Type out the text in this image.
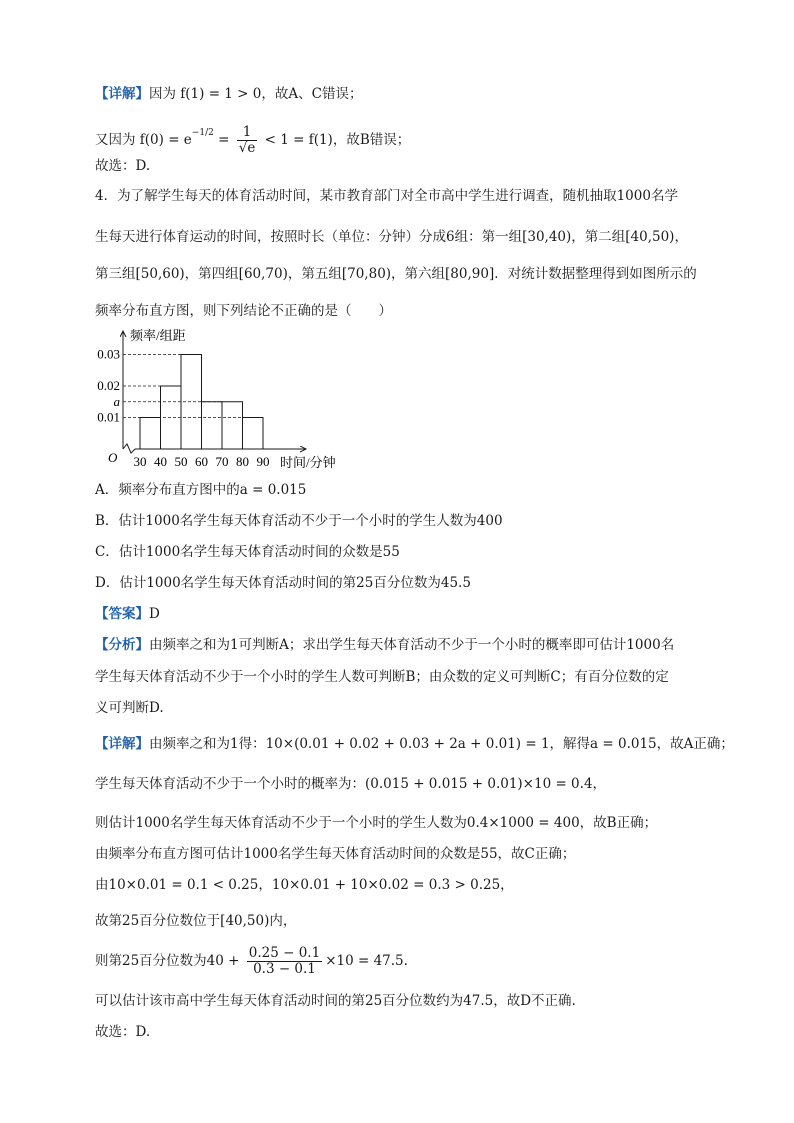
【详解】因为 f(1) = 1 > 0，故A、C错误；
又因为 $f(0) = e^{-1/2} = \frac{1}{√e} < 1 = f(1)$，故B错误；
故选：D.
4．为了解学生每天的体育活动时间，某市教育部门对全市高中学生进行调查，随机抽取1000名学
生每天进行体育运动的时间，按照时长（单位：分钟）分成6组：第一组[30,40)，第二组[40,50)，
第三组[50,60)，第四组[60,70)，第五组[70,80)，第六组[80,90]．对统计数据整理得到如图所示的
频率分布直方图，则下列结论不正确的是（　　）
0.03
0.02
a
0.01
30 40 50 60 70 80 90
频率/组距
时间/分钟
O
A．频率分布直方图中的a = 0.015
B．估计1000名学生每天体育活动不少于一个小时的学生人数为400
C．估计1000名学生每天体育活动时间的众数是55
D．估计1000名学生每天体育活动时间的第25百分位数为45.5
【答案】D
【分析】由频率之和为1可判断A；求出学生每天体育活动不少于一个小时的概率即可估计1000名
学生每天体育活动不少于一个小时的学生人数可判断B；由众数的定义可判断C；有百分位数的定
义可判断D.
【详解】由频率之和为1得：10×(0.01 + 0.02 + 0.03 + 2a + 0.01) = 1，解得a = 0.015，故A正确；
学生每天体育活动不少于一个小时的概率为：(0.015 + 0.015 + 0.01)×10 = 0.4，
则估计1000名学生每天体育活动不少于一个小时的学生人数为0.4×1000 = 400，故B正确；
由频率分布直方图可估计1000名学生每天体育活动时间的众数是55，故C正确；
由10×0.01 = 0.1 < 0.25，10×0.01 + 10×0.02 = 0.3 > 0.25，
故第25百分位数位于[40,50)内，
则第25百分位数为$40 + \frac{0.25 - 0.1}{0.3 - 0.1} \times 10 = 47.5$.
可以估计该市高中学生每天体育活动时间的第25百分位数约为47.5，故D不正确.
故选：D.
